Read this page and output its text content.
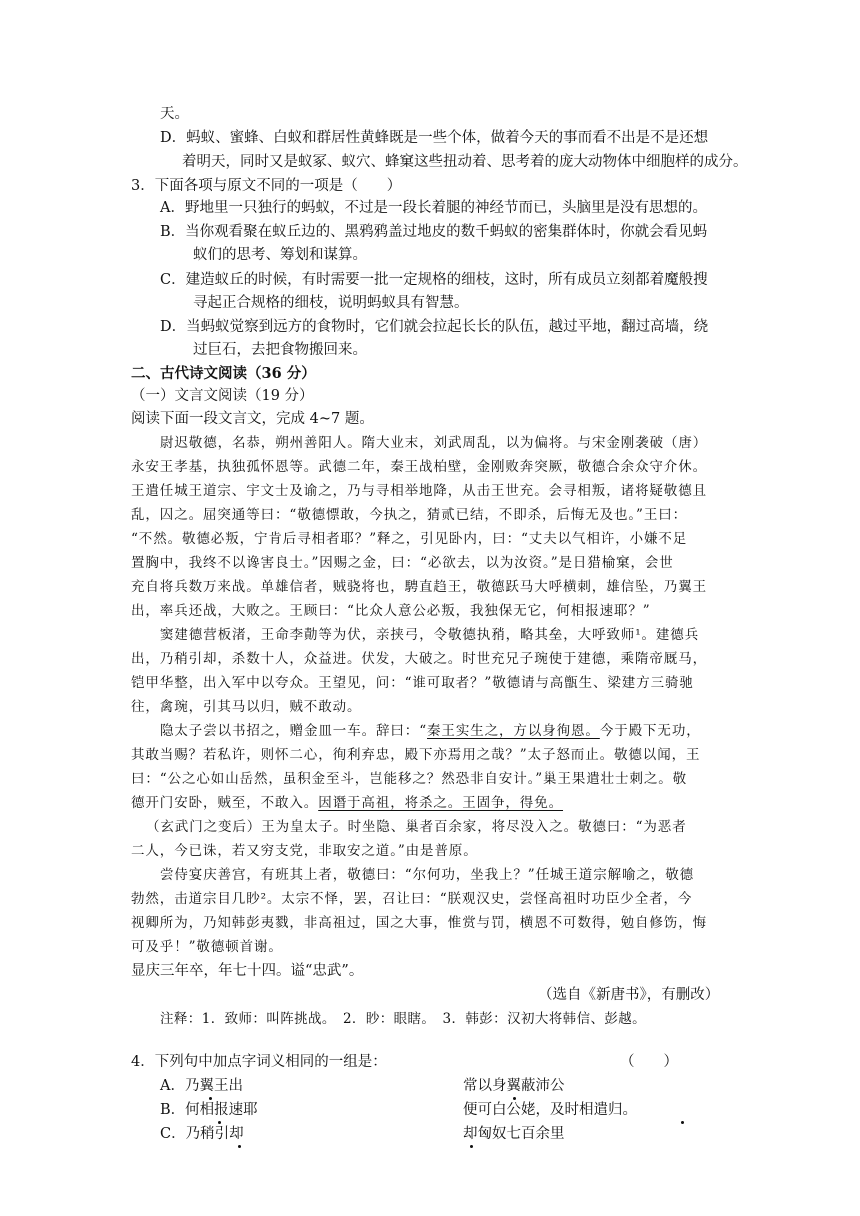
天。
D．蚂蚁、蜜蜂、白蚁和群居性黄蜂既是一些个体，做着今天的事而看不出是不是还想
着明天，同时又是蚁冢、蚁穴、蜂窠这些扭动着、思考着的庞大动物体中细胞样的成分。
3．下面各项与原文不同的一项是（　　）
A．野地里一只独行的蚂蚁，不过是一段长着腿的神经节而已，头脑里是没有思想的。
B．当你观看聚在蚁丘边的、黑鸦鸦盖过地皮的数千蚂蚁的密集群体时，你就会看见蚂
蚁们的思考、筹划和谋算。
C．建造蚁丘的时候，有时需要一批一定规格的细枝，这时，所有成员立刻都着魔般搜
寻起正合规格的细枝，说明蚂蚁具有智慧。
D．当蚂蚁觉察到远方的食物时，它们就会拉起长长的队伍，越过平地，翻过高墙，绕
过巨石，去把食物搬回来。
二、古代诗文阅读（36 分）
（一）文言文阅读（19 分）
阅读下面一段文言文，完成 4~7 题。
尉迟敬德，名恭，朔州善阳人。隋大业末，刘武周乱，以为偏将。与宋金刚袭破（唐）
永安王孝基，执独孤怀恩等。武德二年，秦王战柏壁，金刚败奔突厥，敬德合余众守介休。
王遣任城王道宗、宇文士及谕之，乃与寻相举地降，从击王世充。会寻相叛，诸将疑敬德且
乱，囚之。屈突通等曰：“敬德慓敢，今执之，猜贰已结，不即杀，后悔无及也。”王曰：
“不然。敬德必叛，宁肯后寻相者耶？”释之，引见卧内，曰：“丈夫以气相许，小嫌不足
置胸中，我终不以谗害良士。”因赐之金，曰：“必欲去，以为汝资。”是日猎榆窠，会世
充自将兵数万来战。单雄信者，贼骁将也，騁直趋王，敬德跃马大呼横刺，雄信坠，乃翼王
出，率兵还战，大败之。王顾曰：“比众人意公必叛，我独保无它，何相报速耶？”
窦建德营板渚，王命李勣等为伏，亲挟弓，令敬德执矟，略其垒，大呼致师¹。建德兵
出，乃稍引却，杀数十人，众益进。伏发，大破之。时世充兄子琬使于建德，乘隋帝厩马，
铠甲华整，出入军中以夸众。王望见，问：“谁可取者？”敬德请与高甑生、梁建方三骑驰
往，禽琬，引其马以归，贼不敢动。
隐太子尝以书招之，赠金皿一车。辞曰：“秦王实生之，方以身徇恩。今于殿下无功，
其敢当赐？若私许，则怀二心，徇利弃忠，殿下亦焉用之哉？”太子怒而止。敬德以闻，王
曰：“公之心如山岳然，虽积金至斗，岂能移之？然恐非自安计。”巢王果遣壮士刺之。敬
德开门安卧，贼至，不敢入。因谮于高祖，将杀之。王固争，得免。
（玄武门之变后）王为皇太子。时坐隐、巢者百余家，将尽没入之。敬德曰：“为恶者
二人，今已诛，若又穷支党，非取安之道。”由是普原。
尝侍宴庆善宫，有班其上者，敬德曰：“尔何功，坐我上？”任城王道宗解喻之，敬德
勃然，击道宗目几眇²。太宗不怿，罢，召让曰：“朕观汉史，尝怪高祖时功臣少全者，今
视卿所为，乃知韩彭夷戮，非高祖过，国之大事，惟赏与罚，横恩不可数得，勉自修饬，悔
可及乎！”敬德顿首谢。
显庆三年卒，年七十四。谥“忠武”。
（选自《新唐书》，有删改）
注释：1．致师：叫阵挑战。　2．眇：眼瞎。　3．韩彭：汉初大将韩信、彭越。
4．下列句中加点字词义相同的一组是：	（　　）
A．乃翼王出	常以身翼蔽沛公
B．何相报速耶	便可白公姥，及时相遣归。
C．乃稍引却	却匈奴七百余里
